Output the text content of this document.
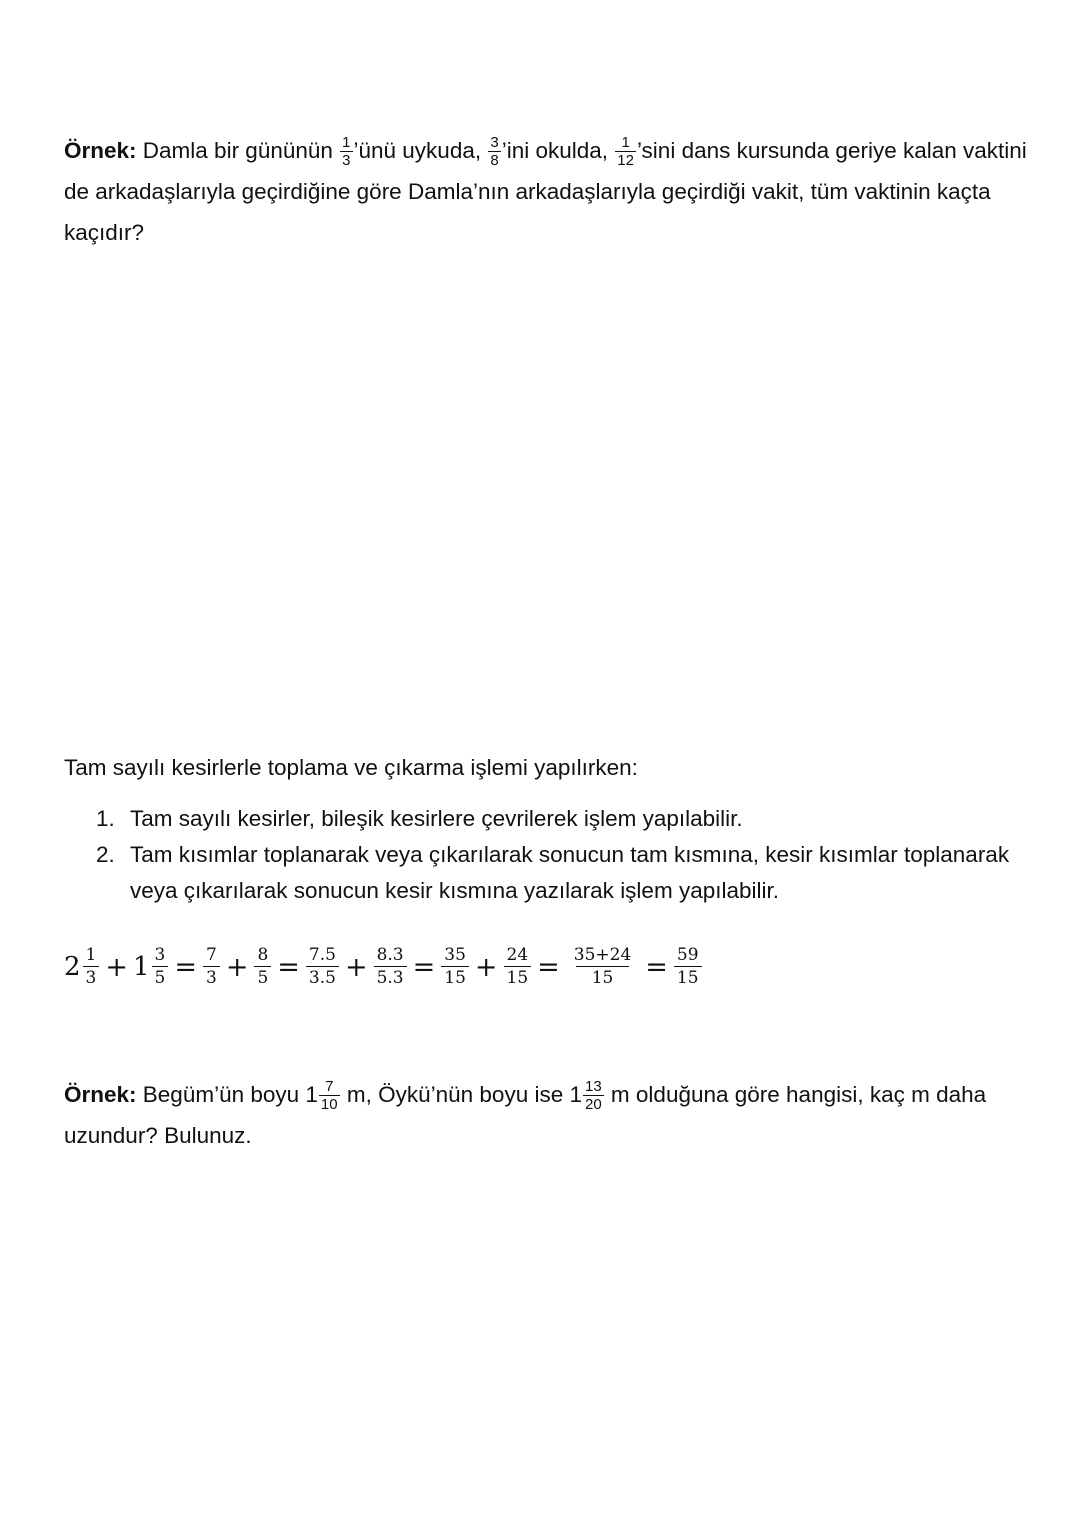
Örnek: Damla bir gününün $\frac{1}{3}$ ’ünü uykuda, $\frac{3}{8}$ ’ini okulda, $\frac{1}{12}$ ’sini dans kursunda geriye kalan vaktini de arkadaşlarıyla geçirdiğine göre Damla’nın arkadaşlarıyla geçirdiği vakit, tüm vaktinin kaçta kaçıdır?

Tam sayılı kesirlerle toplama ve çıkarma işlemi yapılırken:

1. Tam sayılı kesirler, bileşik kesirlere çevrilerek işlem yapılabilir.
2. Tam kısımlar toplanarak veya çıkarılarak sonucun tam kısmına, kesir kısımlar toplanarak veya çıkarılarak sonucun kesir kısmına yazılarak işlem yapılabilir.
$2 \frac{1}{3} + 1 \frac{3}{5} = \frac{7}{3} + \frac{8}{5} = \frac{7.5}{3.5} + \frac{8.3}{5.3} = \frac{35}{15} + \frac{24}{15} = \frac{35+24}{15} = \frac{59}{15}$

Örnek: Begüm’ün boyu $1 \frac{7}{10} m$, Öykü’nün boyu ise $1 \frac{13}{20}$ m olduğuna göre hangisi, kaç m daha uzundur? Bulunuz.
